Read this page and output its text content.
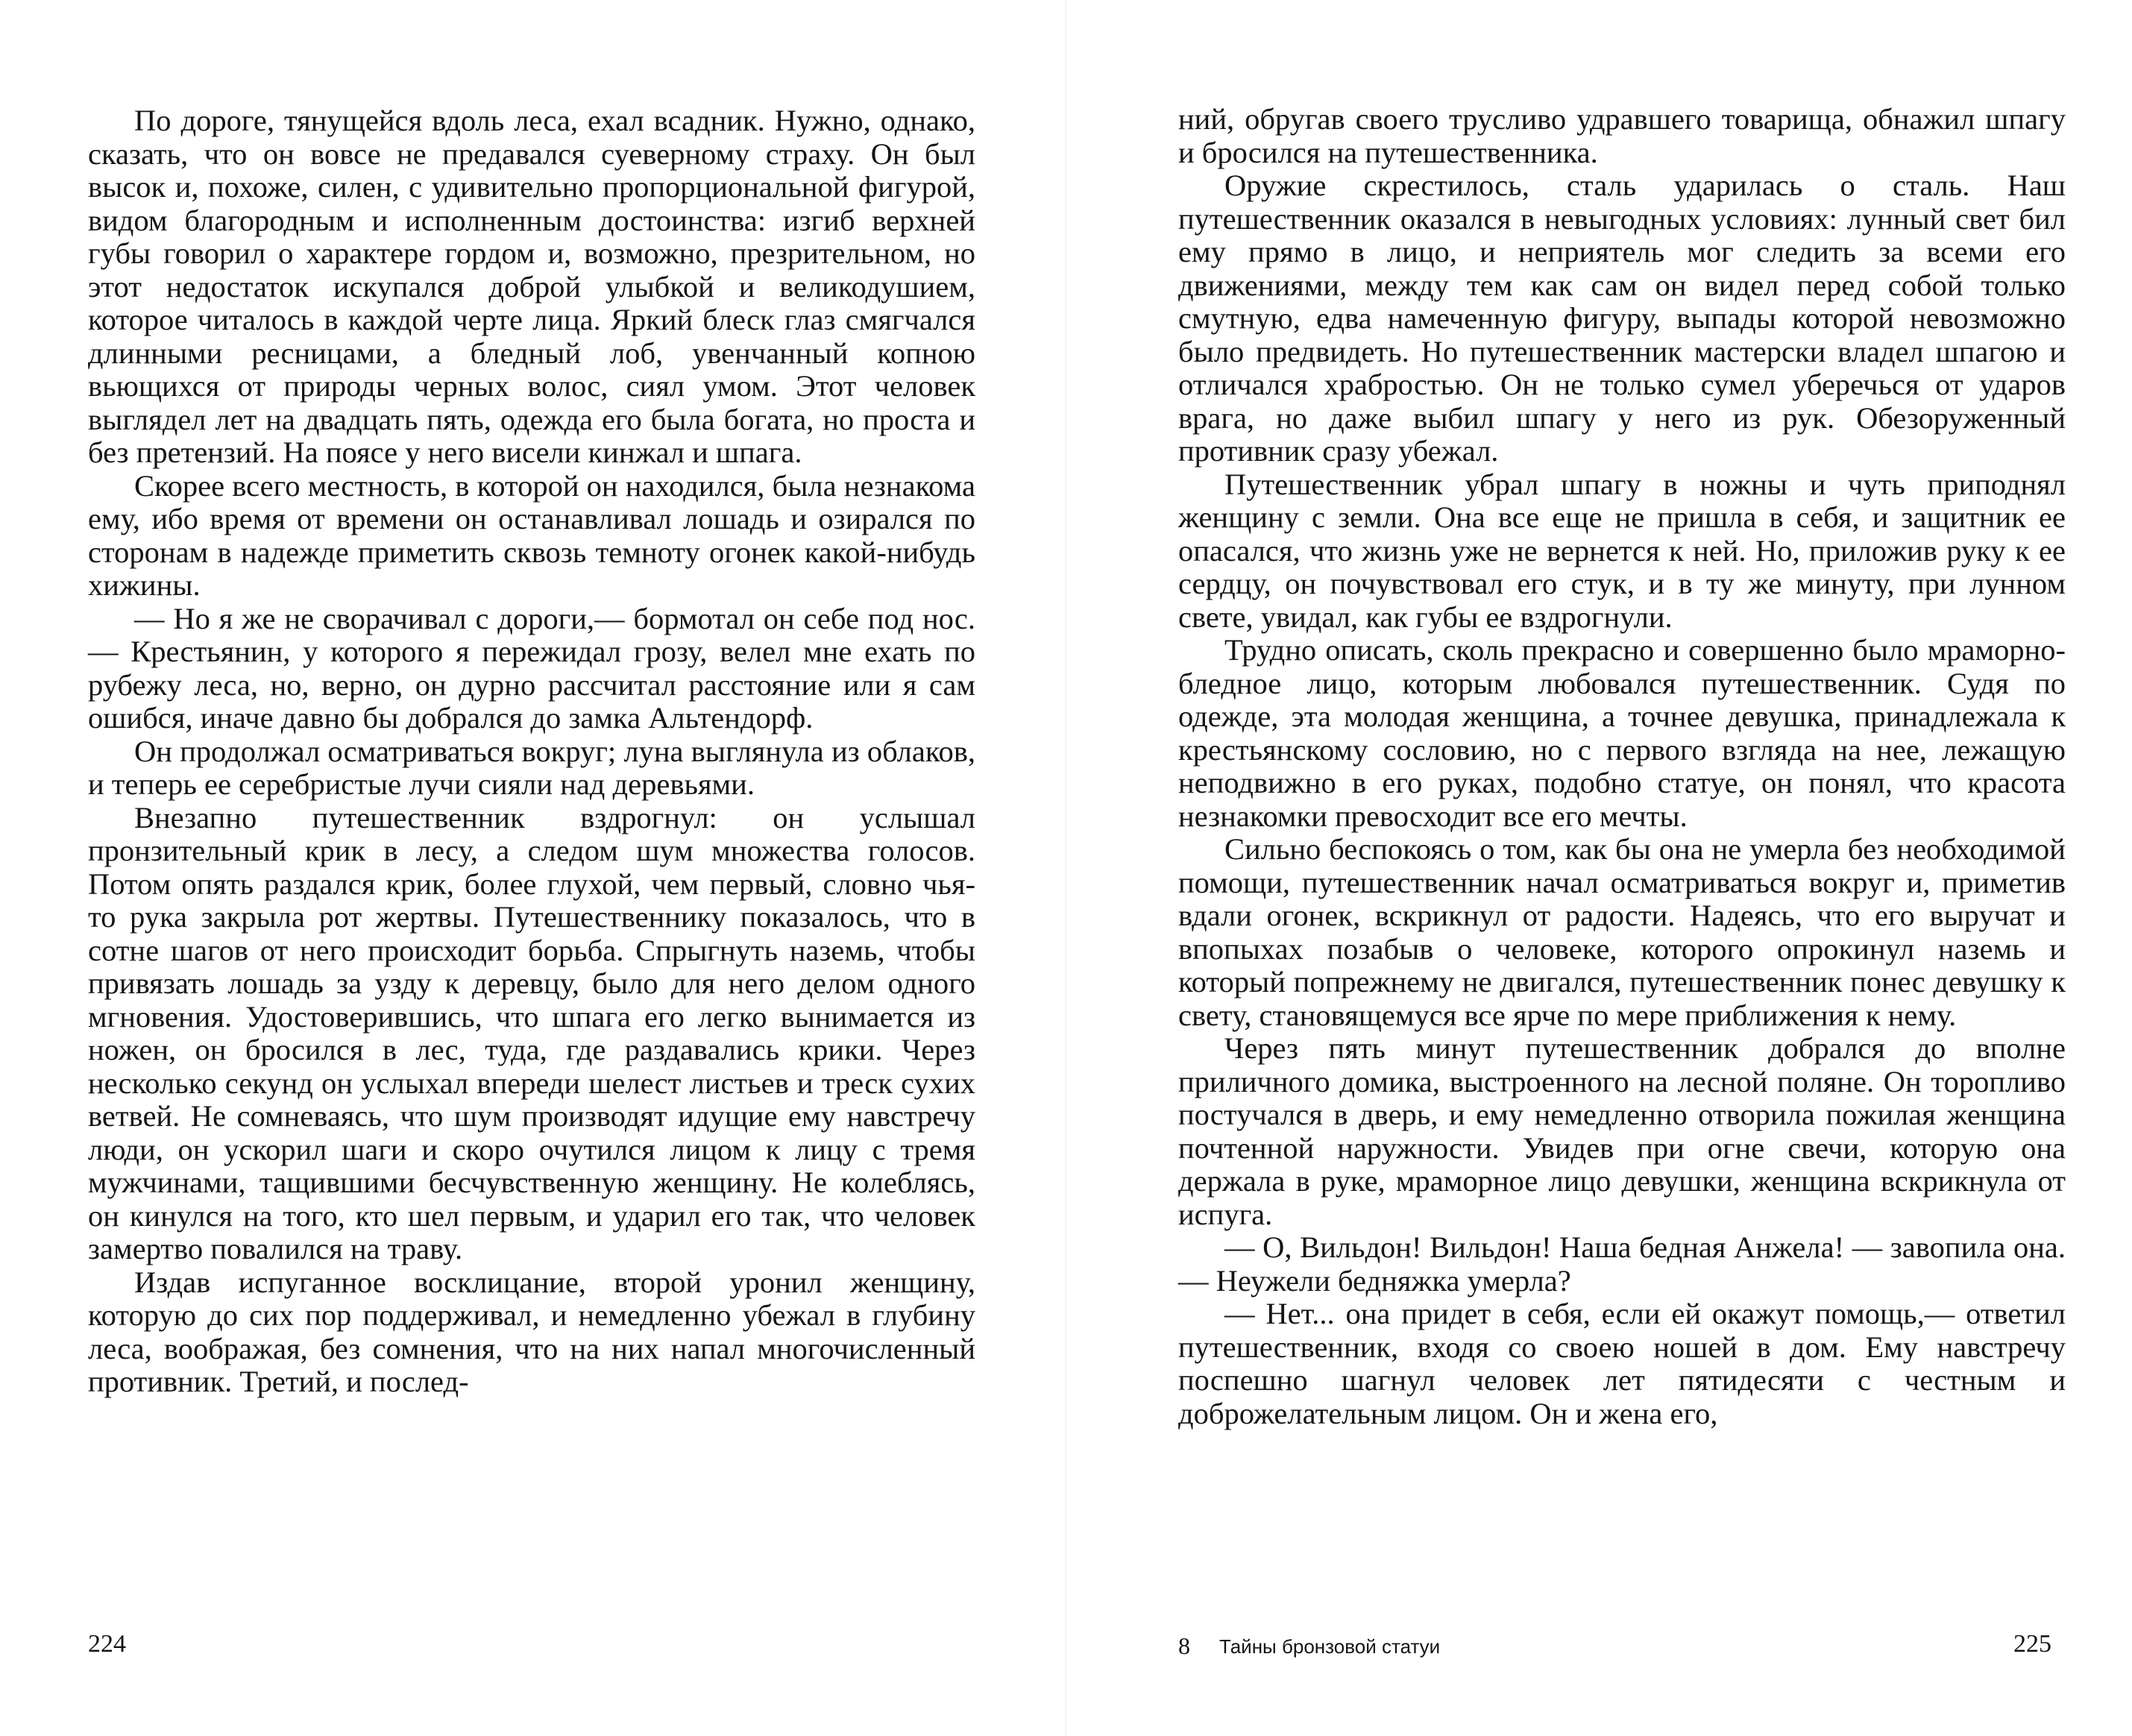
По дороге, тянущейся вдоль леса, ехал всадник. Нужно, однако, сказать, что он вовсе не предавался суеверному страху. Он был высок и, похоже, силен, с удивительно пропорциональной фигурой, видом благородным и исполненным достоинства: изгиб верхней губы говорил о характере гордом и, возможно, презрительном, но этот недостаток искупался доброй улыбкой и великодушием, которое читалось в каждой черте лица. Яркий блеск глаз смягчался длинными ресницами, а бледный лоб, увенчанный копною вьющихся от природы черных волос, сиял умом. Этот человек выглядел лет на двадцать пять, одежда его была богата, но проста и без претензий. На поясе у него висели кинжал и шпага.

Скорее всего местность, в которой он находился, была незнакома ему, ибо время от времени он останавливал лошадь и озирался по сторонам в надежде приметить сквозь темноту огонек какой-нибудь хижины.

— Но я же не сворачивал с дороги,— бормотал он себе под нос.— Крестьянин, у которого я пережидал грозу, велел мне ехать по рубежу леса, но, верно, он дурно рассчитал расстояние или я сам ошибся, иначе давно бы добрался до замка Альтендорф.

Он продолжал осматриваться вокруг; луна выглянула из облаков, и теперь ее серебристые лучи сияли над деревьями.

Внезапно путешественник вздрогнул: он услышал пронзительный крик в лесу, а следом шум множества голосов. Потом опять раздался крик, более глухой, чем первый, словно чья-то рука закрыла рот жертвы. Путешественнику показалось, что в сотне шагов от него происходит борьба. Спрыгнуть наземь, чтобы привязать лошадь за узду к деревцу, было для него делом одного мгновения. Удостоверившись, что шпага его легко вынимается из ножен, он бросился в лес, туда, где раздавались крики. Через несколько секунд он услыхал впереди шелест листьев и треск сухих ветвей. Не сомневаясь, что шум производят идущие ему навстречу люди, он ускорил шаги и скоро очутился лицом к лицу с тремя мужчинами, тащившими бесчувственную женщину. Не колеблясь, он кинулся на того, кто шел первым, и ударил его так, что человек замертво повалился на траву.

Издав испуганное восклицание, второй уронил женщину, которую до сих пор поддерживал, и немедленно убежал в глубину леса, воображая, без сомнения, что на них напал многочисленный противник. Третий, и послед-

224

ний, обругав своего трусливо удравшего товарища, обнажил шпагу и бросился на путешественника.

Оружие скрестилось, сталь ударилась о сталь. Наш путешественник оказался в невыгодных условиях: лунный свет бил ему прямо в лицо, и неприятель мог следить за всеми его движениями, между тем как сам он видел перед собой только смутную, едва намеченную фигуру, выпады которой невозможно было предвидеть. Но путешественник мастерски владел шпагою и отличался храбростью. Он не только сумел уберечься от ударов врага, но даже выбил шпагу у него из рук. Обезоруженный противник сразу убежал.

Путешественник убрал шпагу в ножны и чуть приподнял женщину с земли. Она все еще не пришла в себя, и защитник ее опасался, что жизнь уже не вернется к ней. Но, приложив руку к ее сердцу, он почувствовал его стук, и в ту же минуту, при лунном свете, увидал, как губы ее вздрогнули.

Трудно описать, сколь прекрасно и совершенно было мраморно-бледное лицо, которым любовался путешественник. Судя по одежде, эта молодая женщина, а точнее девушка, принадлежала к крестьянскому сословию, но с первого взгляда на нее, лежащую неподвижно в его руках, подобно статуе, он понял, что красота незнакомки превосходит все его мечты.

Сильно беспокоясь о том, как бы она не умерла без необходимой помощи, путешественник начал осматриваться вокруг и, приметив вдали огонек, вскрикнул от радости. Надеясь, что его выручат и впопыхах позабыв о человеке, которого опрокинул наземь и который попрежнему не двигался, путешественник понес девушку к свету, становящемуся все ярче по мере приближения к нему.

Через пять минут путешественник добрался до вполне приличного домика, выстроенного на лесной поляне. Он торопливо постучался в дверь, и ему немедленно отворила пожилая женщина почтенной наружности. Увидев при огне свечи, которую она держала в руке, мраморное лицо девушки, женщина вскрикнула от испуга.

— О, Вильдон! Вильдон! Наша бедная Анжела! — завопила она.— Неужели бедняжка умерла?

— Нет... она придет в себя, если ей окажут помощь,— ответил путешественник, входя со своею ношей в дом. Ему навстречу поспешно шагнул человек лет пятидесяти с честным и доброжелательным лицом. Он и жена его,

8 Тайны бронзовой статуи	225
